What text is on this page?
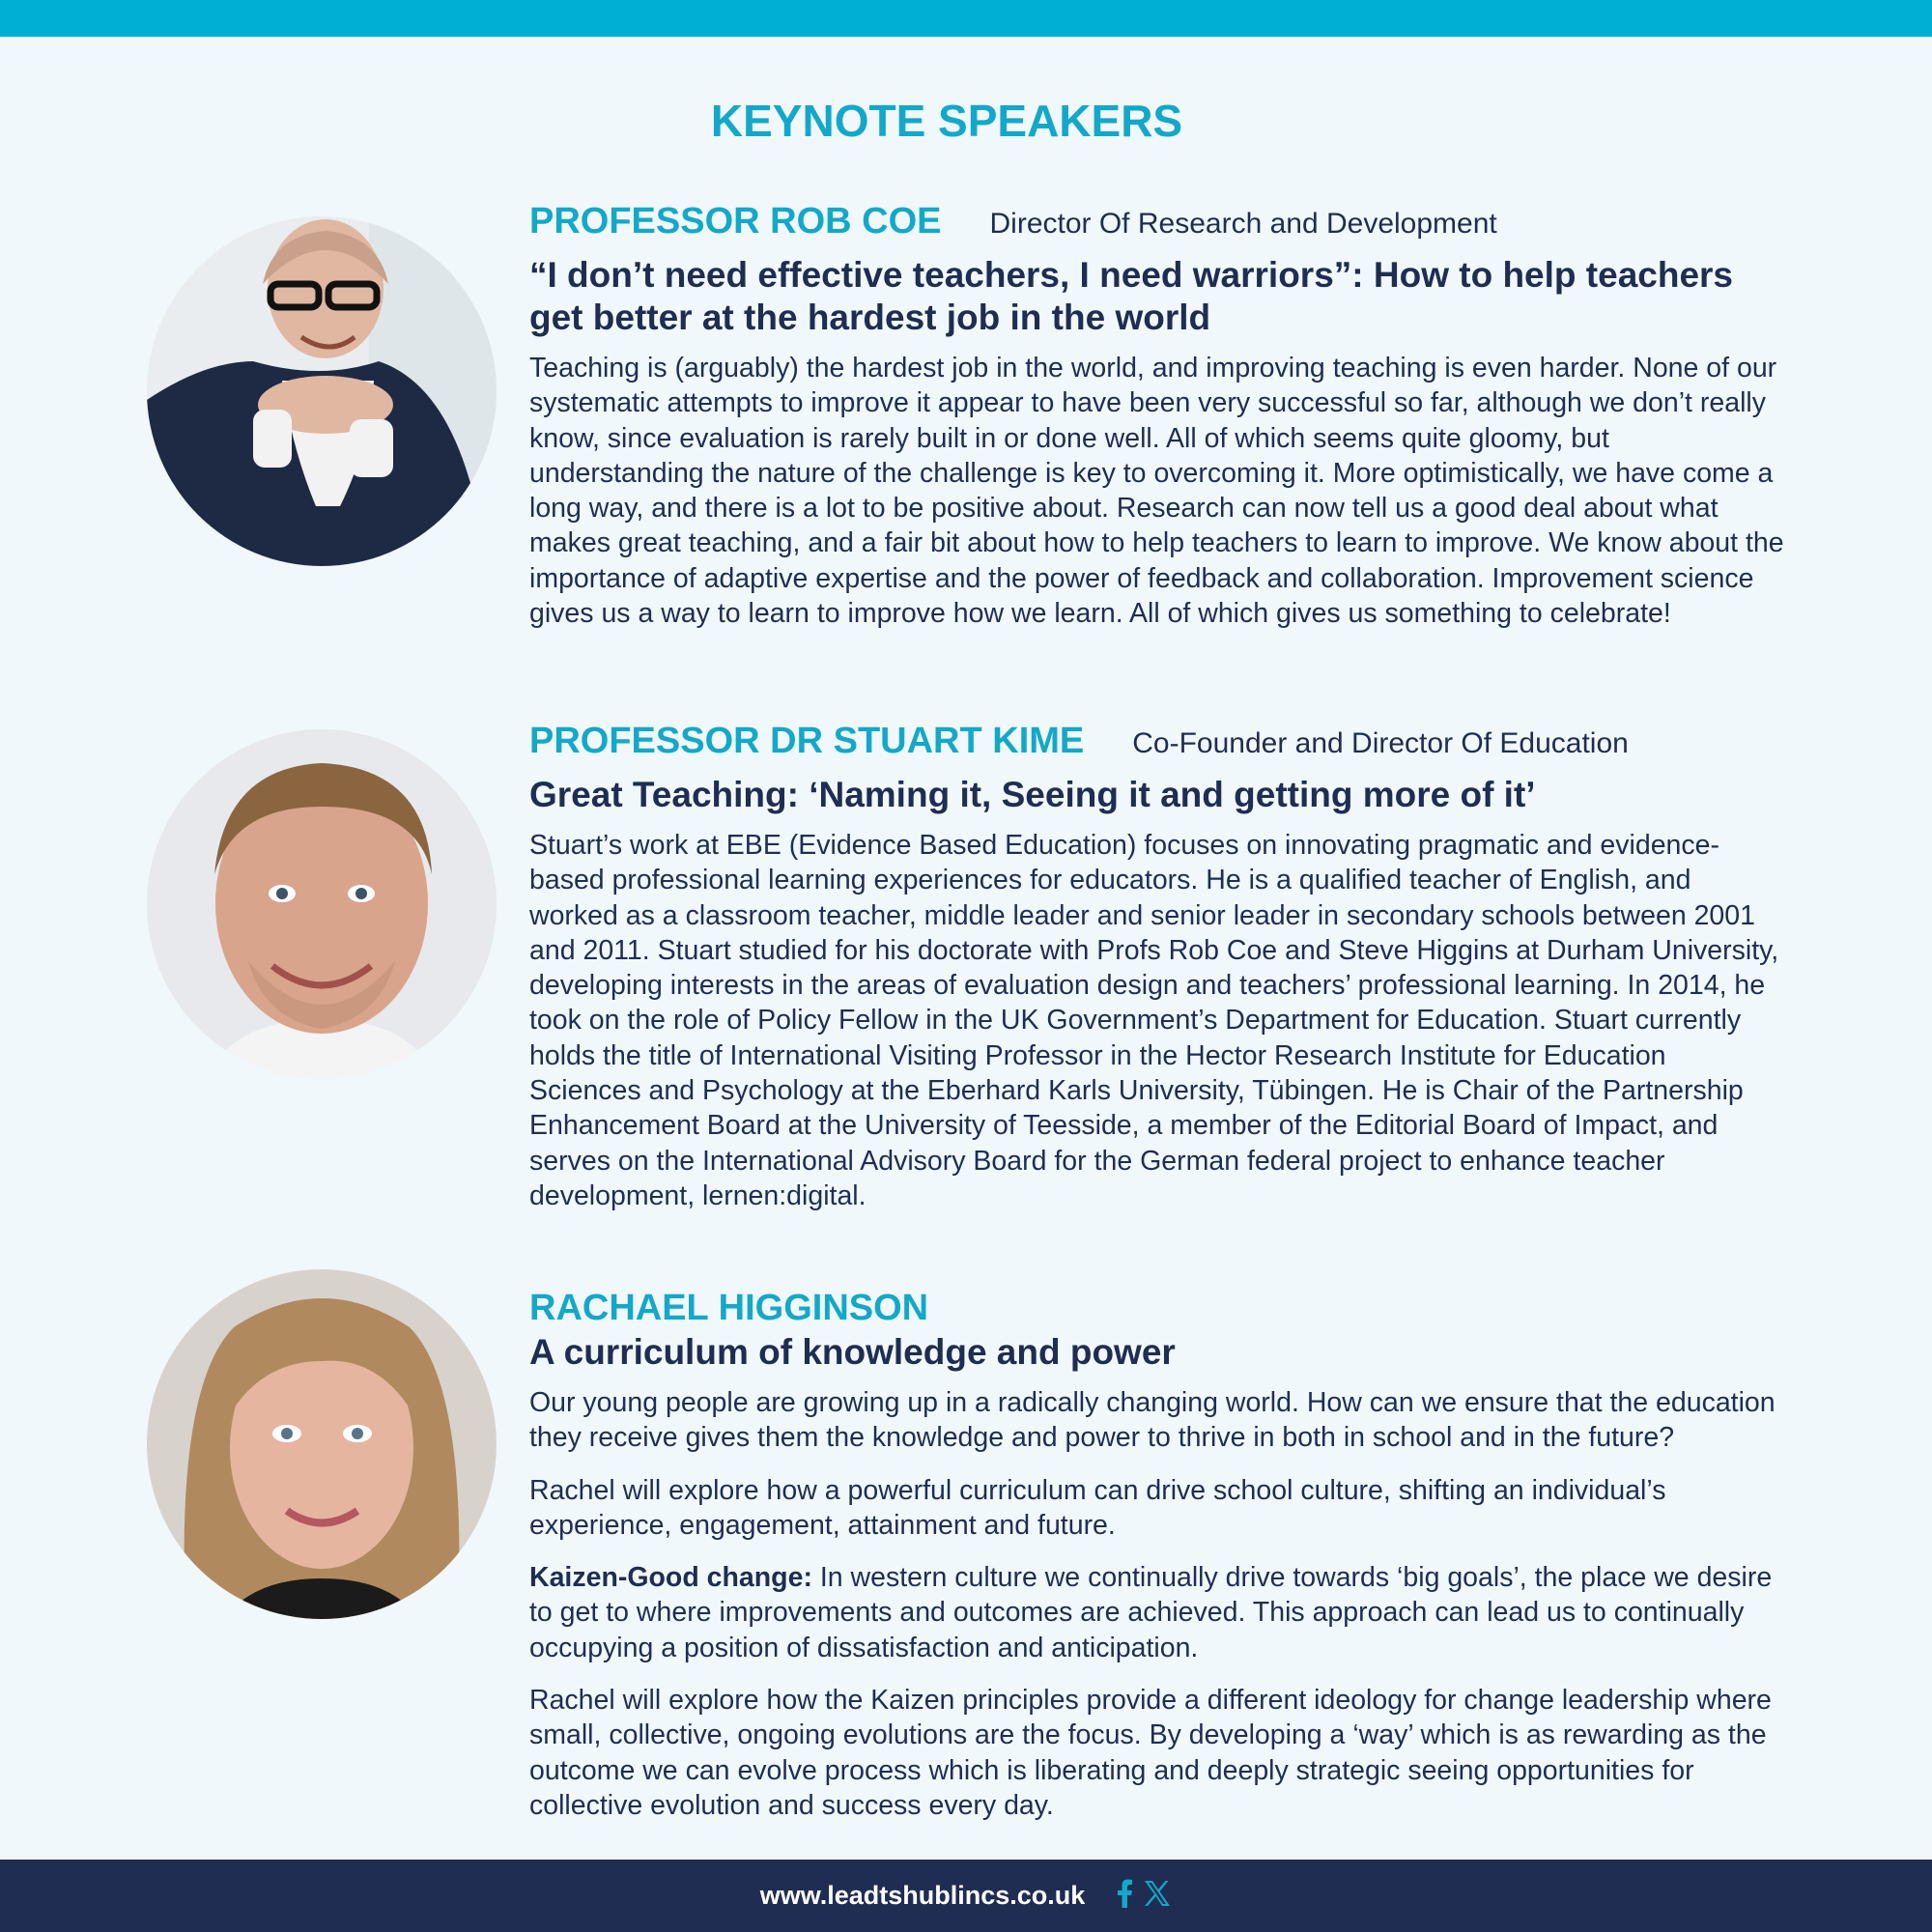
KEYNOTE SPEAKERS
PROFESSOR ROB COE Director Of Research and Development
“I don’t need effective teachers, I need warriors”: How to help teachers get better at the hardest job in the world

Teaching is (arguably) the hardest job in the world, and improving teaching is even harder. None of our systematic attempts to improve it appear to have been very successful so far, although we don’t really know, since evaluation is rarely built in or done well. All of which seems quite gloomy, but understanding the nature of the challenge is key to overcoming it. More optimistically, we have come a long way, and there is a lot to be positive about. Research can now tell us a good deal about what makes great teaching, and a fair bit about how to help teachers to learn to improve. We know about the importance of adaptive expertise and the power of feedback and collaboration. Improvement science gives us a way to learn to improve how we learn. All of which gives us something to celebrate!

PROFESSOR DR STUART KIME Co-Founder and Director Of Education
Great Teaching: ‘Naming it, Seeing it and getting more of it’

Stuart’s work at EBE (Evidence Based Education) focuses on innovating pragmatic and evidence-based professional learning experiences for educators. He is a qualified teacher of English, and worked as a classroom teacher, middle leader and senior leader in secondary schools between 2001 and 2011. Stuart studied for his doctorate with Profs Rob Coe and Steve Higgins at Durham University, developing interests in the areas of evaluation design and teachers’ professional learning. In 2014, he took on the role of Policy Fellow in the UK Government’s Department for Education. Stuart currently holds the title of International Visiting Professor in the Hector Research Institute for Education Sciences and Psychology at the Eberhard Karls University, Tübingen. He is Chair of the Partnership Enhancement Board at the University of Teesside, a member of the Editorial Board of Impact, and serves on the International Advisory Board for the German federal project to enhance teacher development, lernen:digital.

RACHAEL HIGGINSON
A curriculum of knowledge and power

Our young people are growing up in a radically changing world. How can we ensure that the education they receive gives them the knowledge and power to thrive in both in school and in the future?

Rachel will explore how a powerful curriculum can drive school culture, shifting an individual’s experience, engagement, attainment and future.

Kaizen-Good change: In western culture we continually drive towards ‘big goals’, the place we desire to get to where improvements and outcomes are achieved. This approach can lead us to continually occupying a position of dissatisfaction and anticipation.

Rachel will explore how the Kaizen principles provide a different ideology for change leadership where small, collective, ongoing evolutions are the focus. By developing a ‘way’ which is as rewarding as the outcome we can evolve process which is liberating and deeply strategic seeing opportunities for collective evolution and success every day.

www.leadtshublincs.co.uk
